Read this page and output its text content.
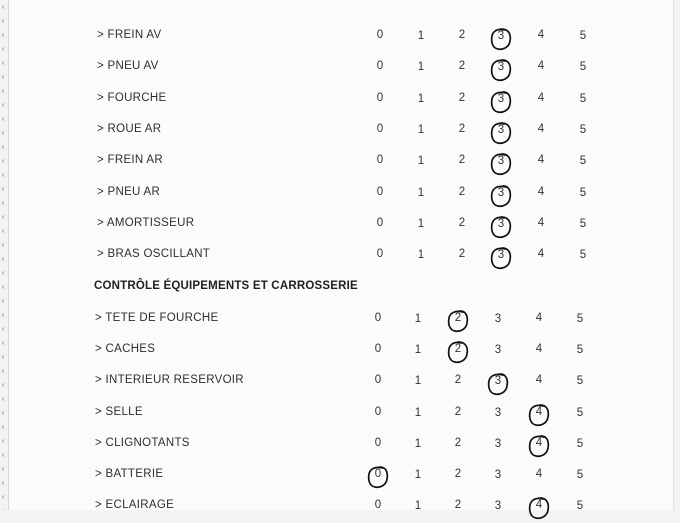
CONTRÔLE ÉQUIPEMENTS ET CARROSSERIE
> FREIN AV	0	1	2	3	4	5
> PNEU AV	0	1	2	3	4	5
> FOURCHE	0	1	2	3	4	5
> ROUE AR	0	1	2	3	4	5
> FREIN AR	0	1	2	3	4	5
> PNEU AR	0	1	2	3	4	5
> AMORTISSEUR	0	1	2	3	4	5
> BRAS OSCILLANT	0	1	2	3	4	5
> TETE DE FOURCHE	0	1	2	3	4	5
> CACHES	0	1	2	3	4	5
> INTERIEUR RESERVOIR	0	1	2	3	4	5
> SELLE	0	1	2	3	4	5
> CLIGNOTANTS	0	1	2	3	4	5
> BATTERIE	0	1	2	3	4	5
> ECLAIRAGE	0	1	2	3	4	5
